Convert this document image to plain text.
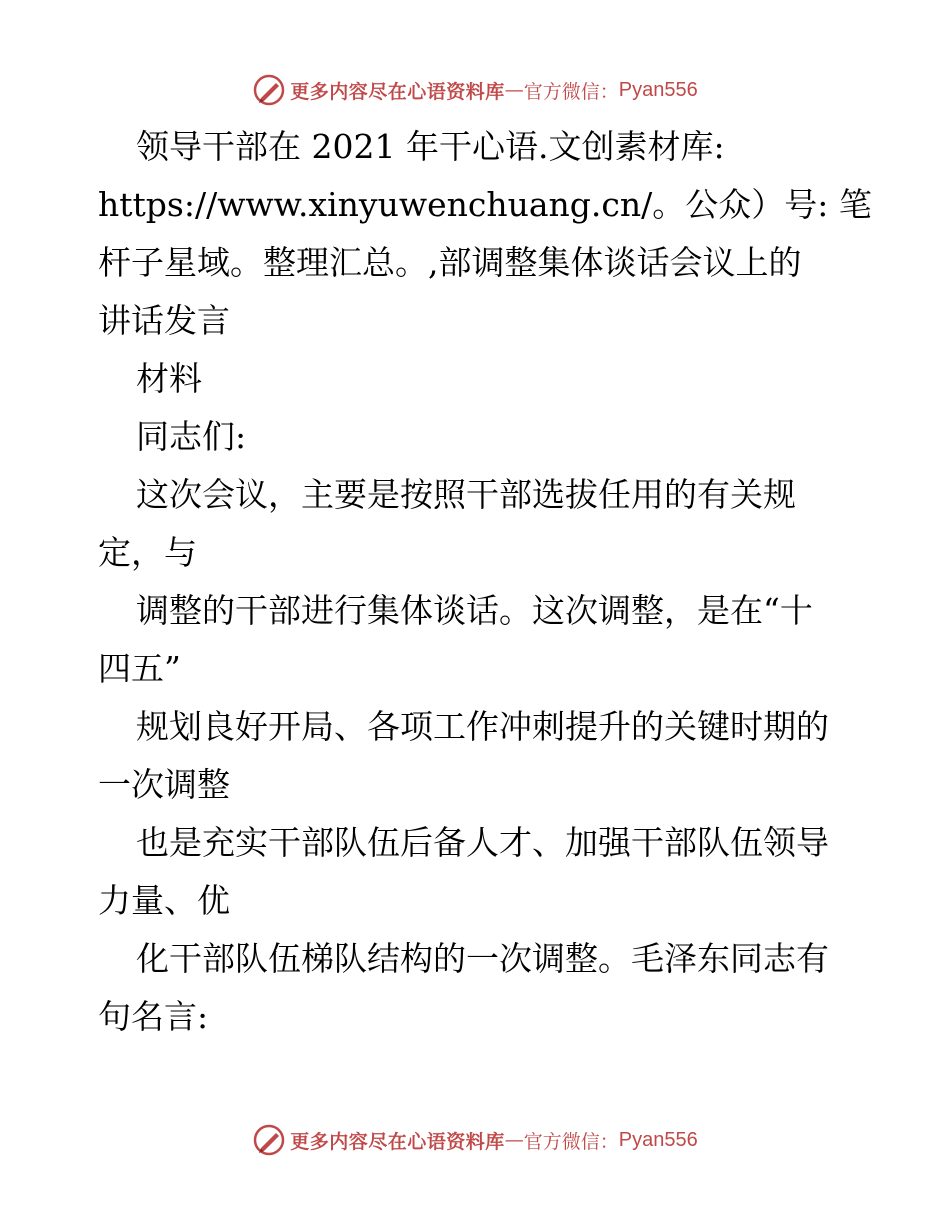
更多内容尽在心语资料库 — 官方微信： Pyan556
领导干部在 2021 年干心语.文创素材库:
https://www.xinyuwenchuang.cn/。公众）号: 笔
杆子星域。整理汇总。,部调整集体谈话会议上的
讲话发言
材料
同志们:
这次会议，主要是按照干部选拔任用的有关规
定，与
调整的干部进行集体谈话。这次调整，是在“十
四五”
规划良好开局、各项工作冲刺提升的关键时期的
一次调整
也是充实干部队伍后备人才、加强干部队伍领导
力量、优
化干部队伍梯队结构的一次调整。毛泽东同志有
句名言:
更多内容尽在心语资料库 — 官方微信： Pyan556
